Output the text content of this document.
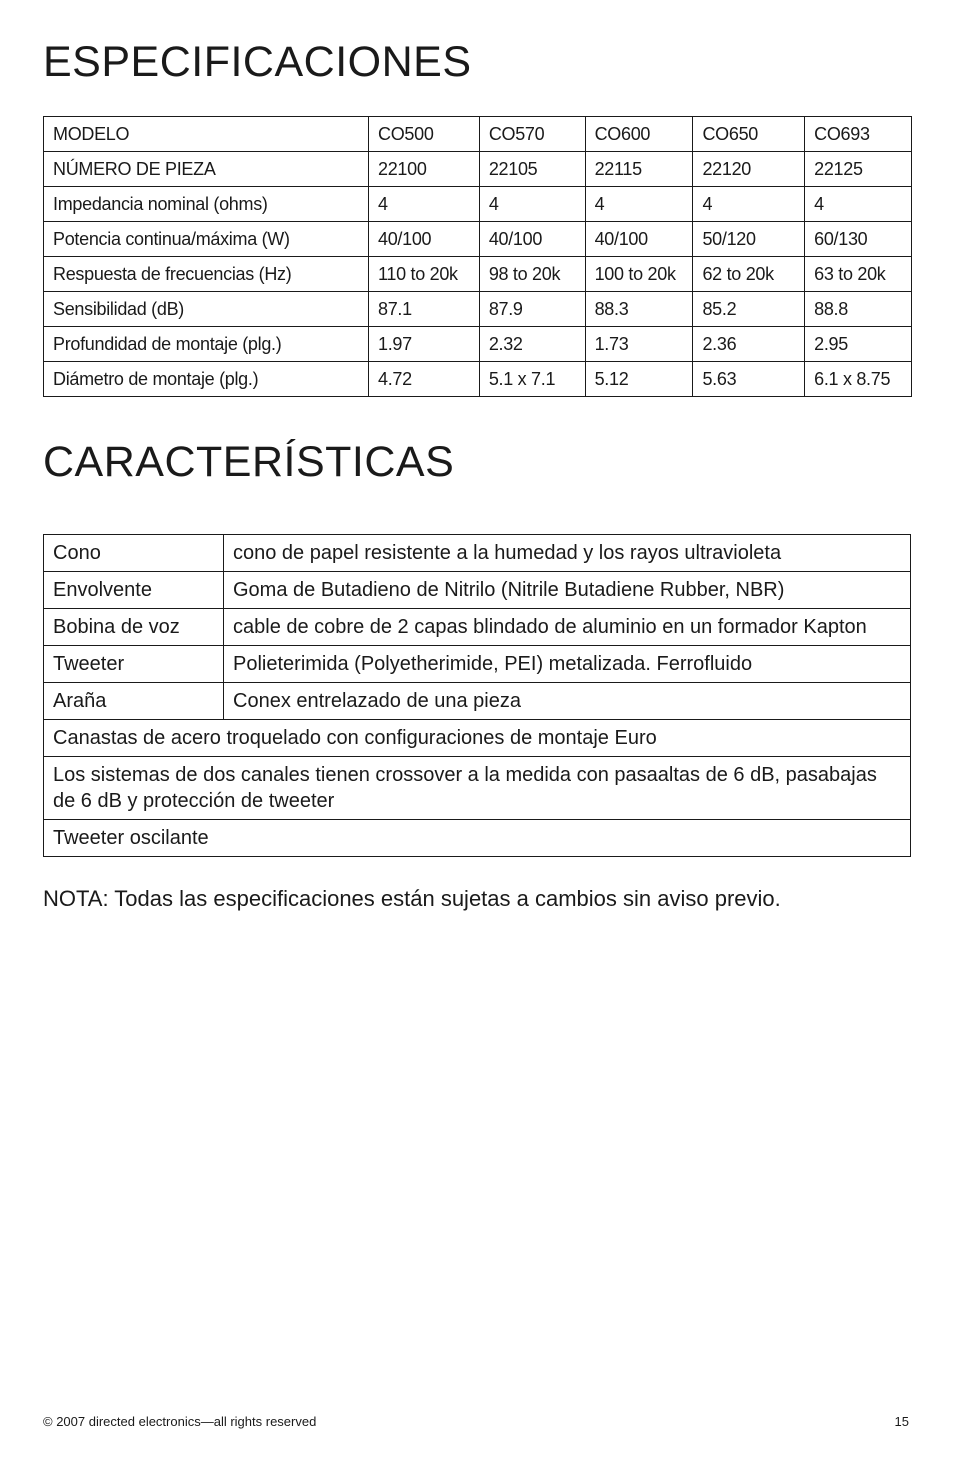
ESPECIFICACIONES
MODELO	CO500	CO570	CO600	CO650	CO693
NÚMERO DE PIEZA	22100	22105	22115	22120	22125
Impedancia nominal (ohms)	4	4	4	4	4
Potencia continua/máxima (W)	40/100	40/100	40/100	50/120	60/130
Respuesta de frecuencias (Hz)	110 to 20k	98 to 20k	100 to 20k	62 to 20k	63 to 20k
Sensibilidad (dB)	87.1	87.9	88.3	85.2	88.8
Profundidad de montaje (plg.)	1.97	2.32	1.73	2.36	2.95
Diámetro de montaje (plg.)	4.72	5.1 x 7.1	5.12	5.63	6.1 x 8.75
CARACTERÍSTICAS
Cono	cono de papel resistente a la humedad y los rayos ultravioleta
Envolvente	Goma de Butadieno de Nitrilo (Nitrile Butadiene Rubber, NBR)
Bobina de voz	cable de cobre de 2 capas blindado de aluminio en un formador Kapton
Tweeter	Polieterimida (Polyetherimide, PEI) metalizada. Ferrofluido
Araña	Conex entrelazado de una pieza
Canastas de acero troquelado con configuraciones de montaje Euro	
Los sistemas de dos canales tienen crossover a la medida con pasaaltas de 6 dB, pasabajas de 6 dB y protección de tweeter	
Tweeter oscilante	

NOTA: Todas las especificaciones están sujetas a cambios sin aviso previo.

© 2007 directed electronics—all rights reserved	15
